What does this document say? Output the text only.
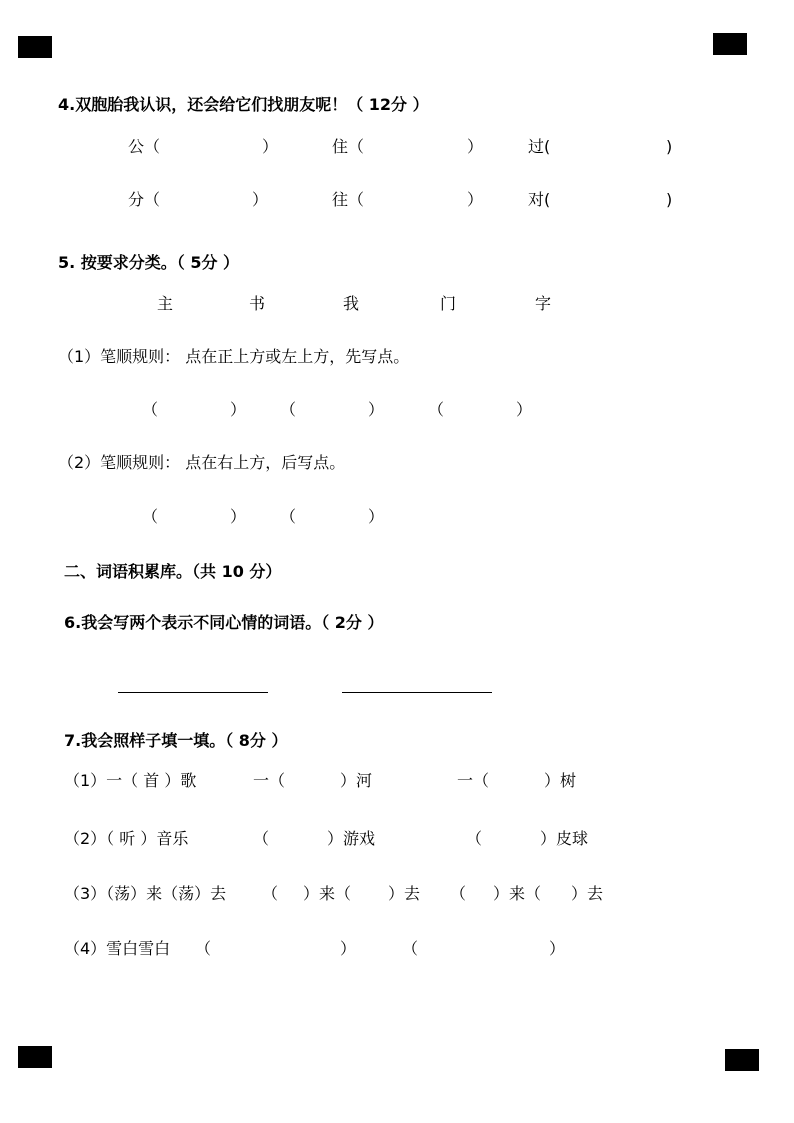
4.双胞胎我认识，还会给它们找朋友呢！（ 12分 ）
公（	）	住（	）	过(	)
分（	）	往（	）	对(	)
5. 按要求分类。（ 5分 ）
主	书	我	门	字
（1）笔顺规则： 点在正上方或左上方，先写点。
（	） （	）	（	）
（2）笔顺规则： 点在右上方，后写点。
（	） （	）
二、词语积累库。（共 10 分）
6.我会写两个表示不同心情的词语。（ 2分 ）
7.我会照样子填一填。（ 8分 ）
（1）一（ 首 ）歌	一（	）河	一（	）树
（2）（ 听 ）音乐	（	）游戏	（	）皮球
（3）（荡）来（荡）去 （ ）来（ ）去 （ ）来（ ）去
（4）雪白雪白 （	）	（	）
